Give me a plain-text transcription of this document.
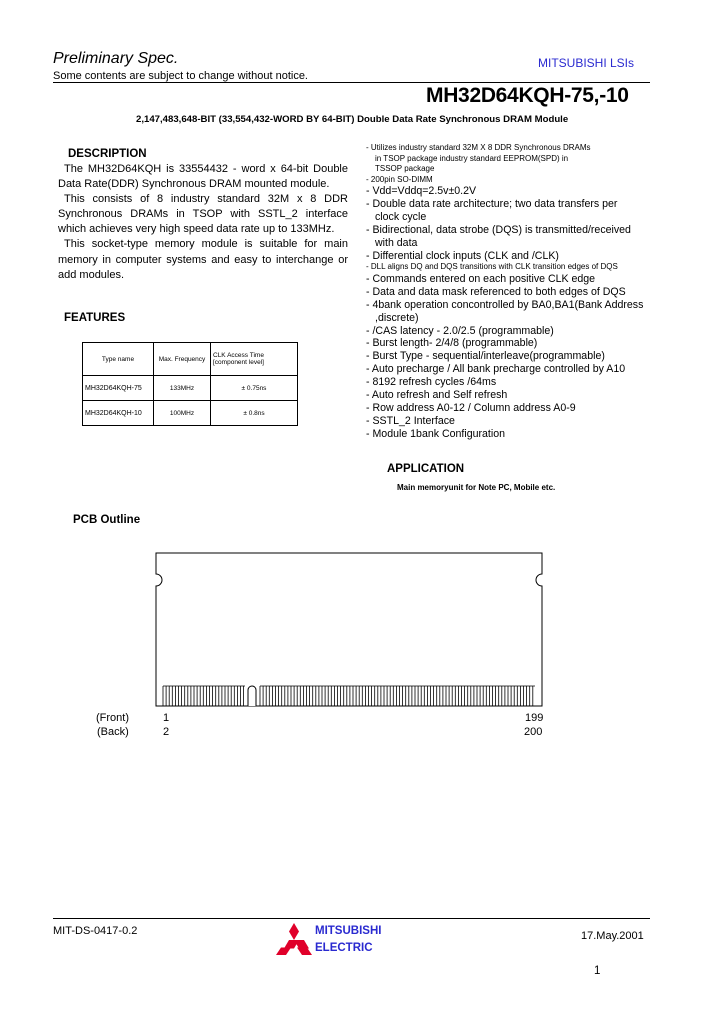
Preliminary Spec.
Some contents are subject to change without notice.
MITSUBISHI LSIs
MH32D64KQH-75,-10
2,147,483,648-BIT (33,554,432-WORD BY 64-BIT) Double Data Rate Synchronous DRAM Module
DESCRIPTION

The MH32D64KQH is 33554432 - word x 64-bit Double Data Rate(DDR) Synchronous DRAM mounted module.

This consists of 8 industry standard 32M x 8 DDR Synchronous DRAMs in TSOP with SSTL_2 interface which achieves very high speed data rate up to 133MHz.

This socket-type memory module is suitable for main memory in computer systems and easy to interchange or add modules.

FEATURES
Type name	Max. Frequency	CLK Access Time [component level]
MH32D64KQH-75	133MHz	± 0.75ns
MH32D64KQH-10	100MHz	± 0.8ns
- Utilizes industry standard 32M X 8 DDR Synchronous DRAMs
in TSOP package industry standard EEPROM(SPD) in
TSSOP package
- 200pin SO-DIMM
- Vdd=Vddq=2.5v±0.2V
- Double data rate architecture; two data transfers per
clock cycle
- Bidirectional, data strobe (DQS) is transmitted/received
with data
- Differential clock inputs (CLK and /CLK)
- DLL aligns DQ and DQS transitions with CLK transition edges of DQS
- Commands entered on each positive CLK edge
- Data and data mask referenced to both edges of DQS
- 4bank operation concontrolled by BA0,BA1(Bank Address
,discrete)
- /CAS latency - 2.0/2.5 (programmable)
- Burst length- 2/4/8 (programmable)
- Burst Type - sequential/interleave(programmable)
- Auto precharge / All bank precharge controlled by A10
- 8192 refresh cycles /64ms
- Auto refresh and Self refresh
- Row address A0-12 / Column address A0-9
- SSTL_2 Interface
- Module 1bank Configuration
APPLICATION
Main memoryunit for Note PC, Mobile etc.
PCB Outline
(Front)
(Back)
1
2
199
200
MIT-DS-0417-0.2	MITSUBISHI
ELECTRIC
17.May.2001
1
